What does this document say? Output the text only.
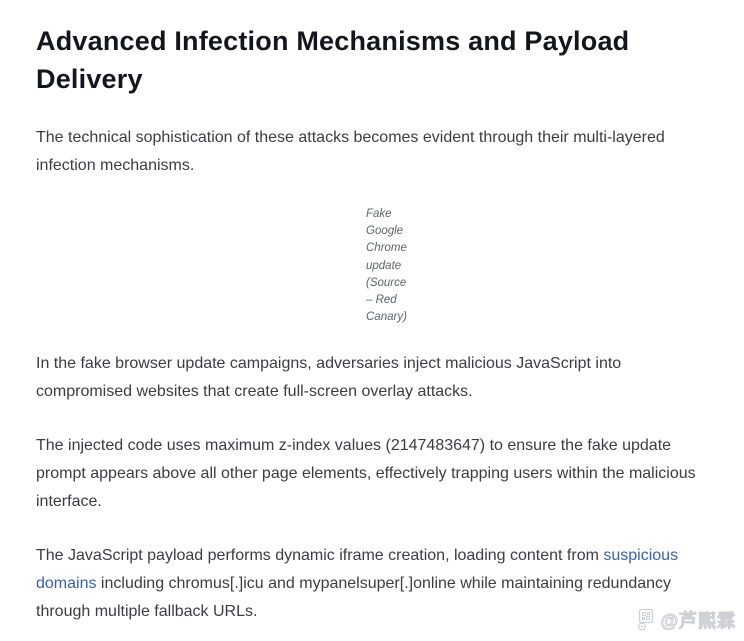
Advanced Infection Mechanisms and Payload Delivery

The technical sophistication of these attacks becomes evident through their multi-layered infection mechanisms.

Fake
Google
Chrome
update
(Source
– Red
Canary)

In the fake browser update campaigns, adversaries inject malicious JavaScript into compromised websites that create full-screen overlay attacks.

The injected code uses maximum z-index values (2147483647) to ensure the fake update prompt appears above all other page elements, effectively trapping users within the malicious interface.

The JavaScript payload performs dynamic iframe creation, loading content from suspicious domains including chromus[.]icu and mypanelsuper[.]online while maintaining redundancy through multiple fallback URLs.	@芦熙霖
